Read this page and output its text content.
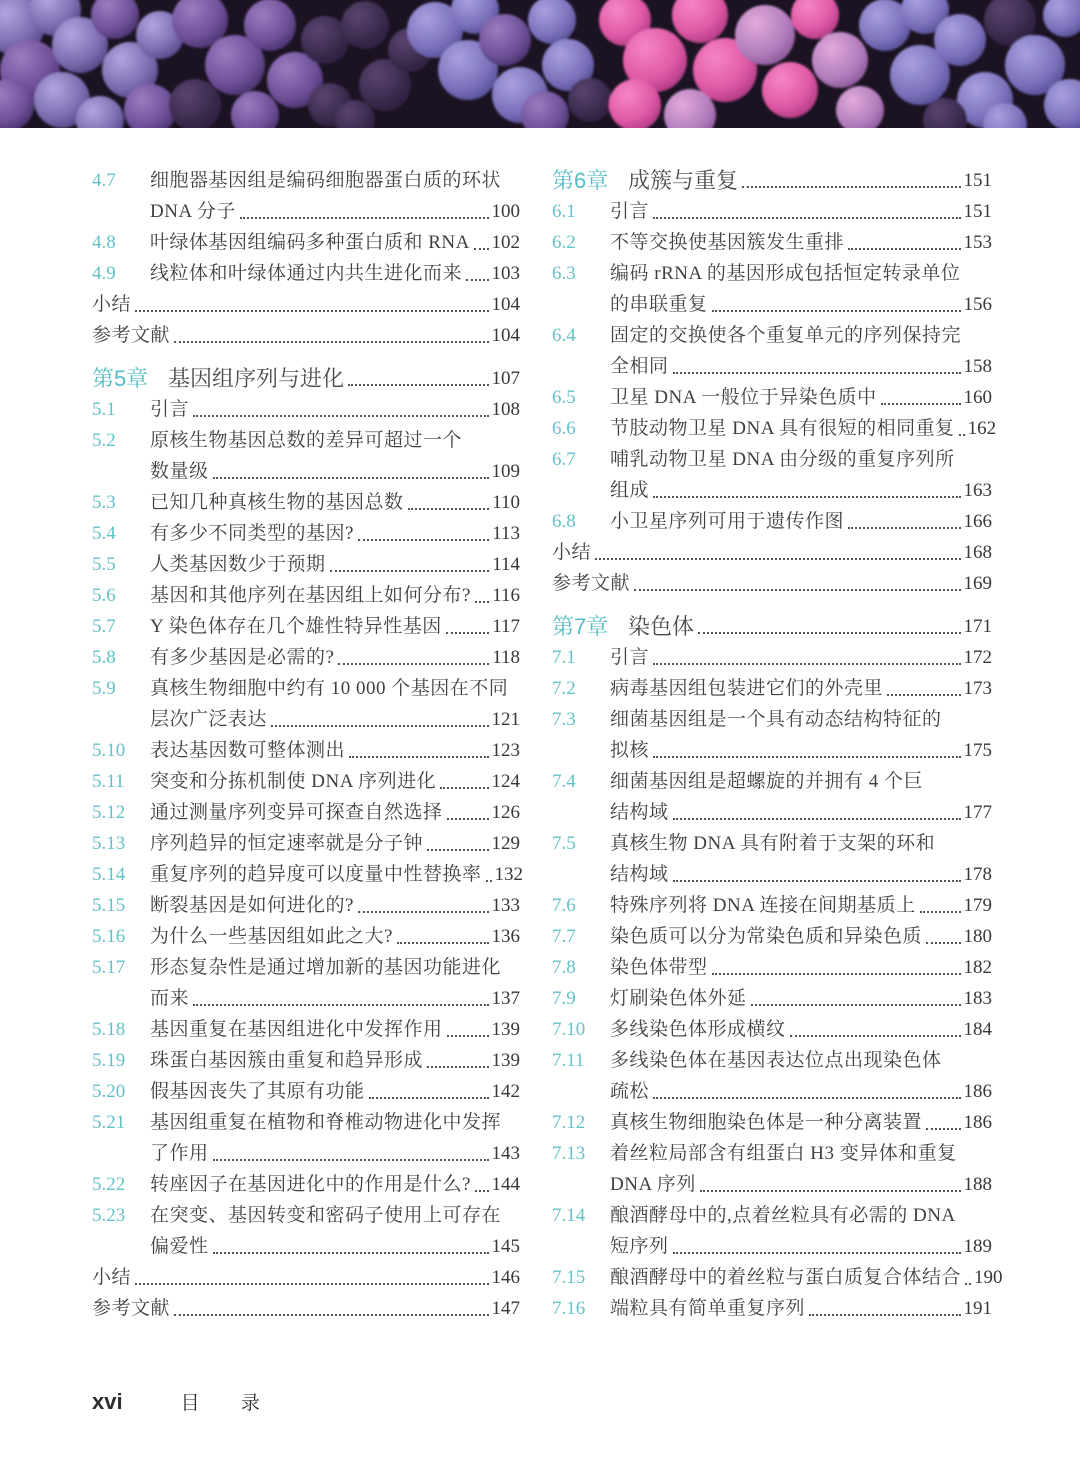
4.7	细胞器基因组是编码细胞器蛋白质的环状
DNA 分子	100
4.8	叶绿体基因组编码多种蛋白质和 RNA 102
4.9	线粒体和叶绿体通过内共生进化而来 103
小结	104
参考文献	104
第5章 基因组序列与进化	107
5.1	引言	108
5.2	原核生物基因总数的差异可超过一个
数量级	109
5.3	已知几种真核生物的基因总数	110
5.4	有多少不同类型的基因?	113
5.5	人类基因数少于预期	114
5.6	基因和其他序列在基因组上如何分布? 116
5.7	Y 染色体存在几个雄性特异性基因	117
5.8	有多少基因是必需的?	118
5.9	真核生物细胞中约有 10 000 个基因在不同
层次广泛表达	121
5.10	表达基因数可整体测出	123
5.11	突变和分拣机制使 DNA 序列进化	124
5.12	通过测量序列变异可探查自然选择	126
5.13	序列趋异的恒定速率就是分子钟	129
5.14	重复序列的趋异度可以度量中性替换率 132
5.15	断裂基因是如何进化的?	133
5.16	为什么一些基因组如此之大?	136
5.17	形态复杂性是通过增加新的基因功能进化
而来	137
5.18	基因重复在基因组进化中发挥作用	139
5.19	珠蛋白基因簇由重复和趋异形成	139
5.20	假基因丧失了其原有功能	142
5.21	基因组重复在植物和脊椎动物进化中发挥
了作用	143
5.22	转座因子在基因进化中的作用是什么? 144
5.23	在突变、基因转变和密码子使用上可存在
偏爱性	145
小结	146
参考文献	147
第6章 成簇与重复	151
6.1	引言	151
6.2	不等交换使基因簇发生重排	153
6.3	编码 rRNA 的基因形成包括恒定转录单位
的串联重复	156
6.4	固定的交换使各个重复单元的序列保持完
全相同	158
6.5	卫星 DNA 一般位于异染色质中	160
6.6	节肢动物卫星 DNA 具有很短的相同重复 162
6.7	哺乳动物卫星 DNA 由分级的重复序列所
组成	163
6.8	小卫星序列可用于遗传作图	166
小结	168
参考文献	169
第7章 染色体	171
7.1	引言	172
7.2	病毒基因组包装进它们的外壳里	173
7.3	细菌基因组是一个具有动态结构特征的
拟核	175
7.4	细菌基因组是超螺旋的并拥有 4 个巨
结构域	177
7.5	真核生物 DNA 具有附着于支架的环和
结构域	178
7.6	特殊序列将 DNA 连接在间期基质上	179
7.7	染色质可以分为常染色质和异染色质 180
7.8	染色体带型	182
7.9	灯刷染色体外延	183
7.10	多线染色体形成横纹	184
7.11	多线染色体在基因表达位点出现染色体
疏松	186
7.12	真核生物细胞染色体是一种分离装置 186
7.13	着丝粒局部含有组蛋白 H3 变异体和重复
DNA 序列	188
7.14	酿酒酵母中的,点着丝粒具有必需的 DNA
短序列	189
7.15	酿酒酵母中的着丝粒与蛋白质复合体结合 190
7.16	端粒具有简单重复序列	191
xvi	目 录
